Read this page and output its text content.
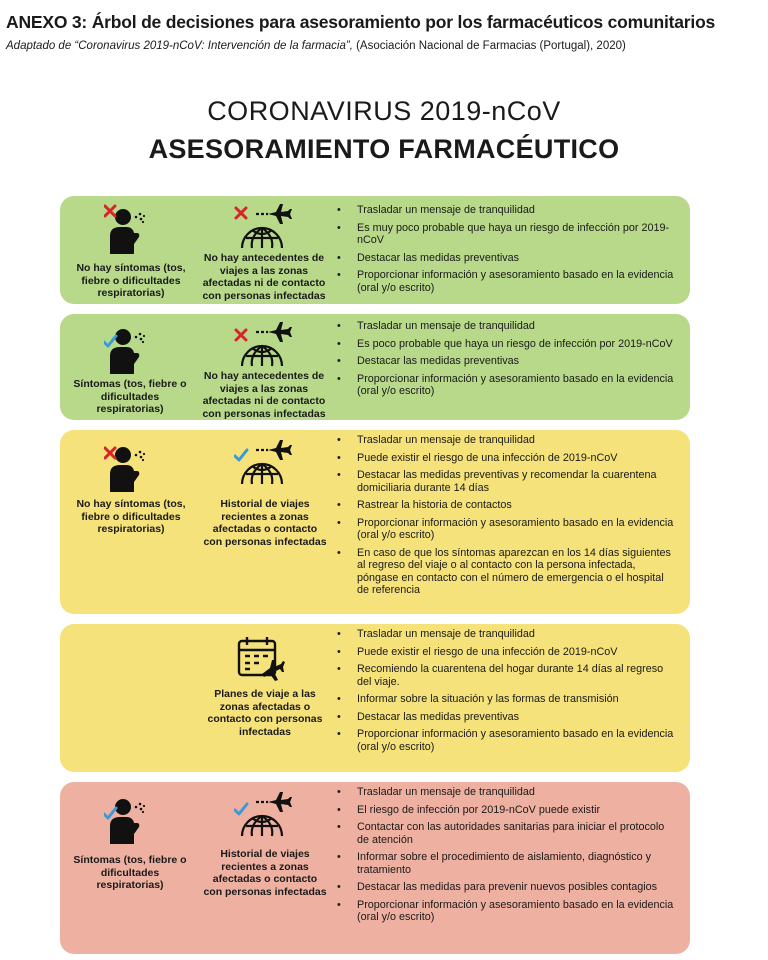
ANEXO 3: Árbol de decisiones para asesoramiento por los farmacéuticos comunitarios
Adaptado de “Coronavirus 2019-nCoV: Intervención de la farmacia”, (Asociación Nacional de Farmacias (Portugal), 2020)
CORONAVIRUS 2019-nCoV
ASESORAMIENTO FARMACÉUTICO
No hay síntomas (tos, fiebre o dificultades respiratorias)
No hay antecedentes de viajes a las zonas afectadas ni de contacto con personas infectadas
• Trasladar un mensaje de tranquilidad
• Es muy poco probable que haya un riesgo de infección por 2019-nCoV
• Destacar las medidas preventivas
• Proporcionar información y asesoramiento basado en la evidencia (oral y/o escrito)
Síntomas (tos, fiebre o dificultades respiratorias)
No hay antecedentes de viajes a las zonas afectadas ni de contacto con personas infectadas
• Trasladar un mensaje de tranquilidad
• Es poco probable que haya un riesgo de infección por 2019-nCoV
• Destacar las medidas preventivas
• Proporcionar información y asesoramiento basado en la evidencia (oral y/o escrito)
No hay síntomas (tos, fiebre o dificultades respiratorias)
Historial de viajes recientes a zonas afectadas o contacto con personas infectadas
• Trasladar un mensaje de tranquilidad
• Puede existir el riesgo de una infección de 2019-nCoV
• Destacar las medidas preventivas y recomendar la cuarentena domiciliaria durante 14 días
• Rastrear la historia de contactos
• Proporcionar información y asesoramiento basado en la evidencia (oral y/o escrito)
• En caso de que los síntomas aparezcan en los 14 días siguientes al regreso del viaje o al contacto con la persona infectada, póngase en contacto con el número de emergencia o el hospital de referencia
Planes de viaje a las zonas afectadas o contacto con personas infectadas
• Trasladar un mensaje de tranquilidad
• Puede existir el riesgo de una infección de 2019-nCoV
• Recomiendo la cuarentena del hogar durante 14 días al regreso del viaje.
• Informar sobre la situación y las formas de transmisión
• Destacar las medidas preventivas
• Proporcionar información y asesoramiento basado en la evidencia (oral y/o escrito)
Síntomas (tos, fiebre o dificultades respiratorias)
Historial de viajes recientes a zonas afectadas o contacto con personas infectadas
• Trasladar un mensaje de tranquilidad
• El riesgo de infección por 2019-nCoV puede existir
• Contactar con las autoridades sanitarias para iniciar el protocolo de atención
• Informar sobre el procedimiento de aislamiento, diagnóstico y tratamiento
• Destacar las medidas para prevenir nuevos posibles contagios
• Proporcionar información y asesoramiento basado en la evidencia (oral y/o escrito)
